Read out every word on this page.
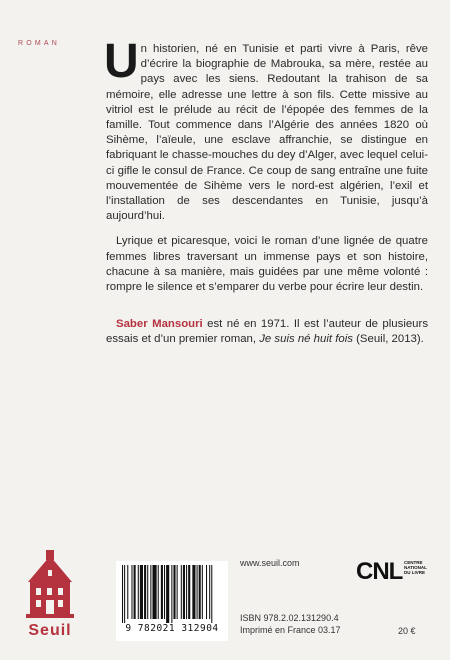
ROMAN Un historien, né en Tunisie et parti vivre à Paris, rêve d’écrire la biographie de Mabrouka, sa mère, restée au pays avec les siens. Redoutant la trahison de sa mémoire, elle adresse une lettre à son fils. Cette missive au vitriol est le prélude au récit de l’épopée des femmes de la famille. Tout commence dans l’Algérie des années 1820 où Sihème, l’aïeule, une esclave affranchie, se distingue en fabriquant le chasse-mouches du dey d’Alger, avec lequel celui-ci gifle le consul de France. Ce coup de sang entraîne une fuite mouvementée de Sihème vers le nord-est algérien, l’exil et l’installation de ses descendantes en Tunisie, jusqu’à aujourd’hui.

Lyrique et picaresque, voici le roman d’une lignée de quatre femmes libres traversant un immense pays et son histoire, chacune à sa manière, mais guidées par une même volonté : rompre le silence et s’emparer du verbe pour écrire leur destin.

Saber Mansouri est né en 1971. Il est l’auteur de plusieurs essais et d’un premier roman, Je suis né huit fois (Seuil, 2013).

Seuil	9 782021 312904
www.seuil.com
ISBN 978.2.02.131290.4
Imprimé en France 03.17	20 €
CNL CENTRE NATIONAL DU LIVRE
